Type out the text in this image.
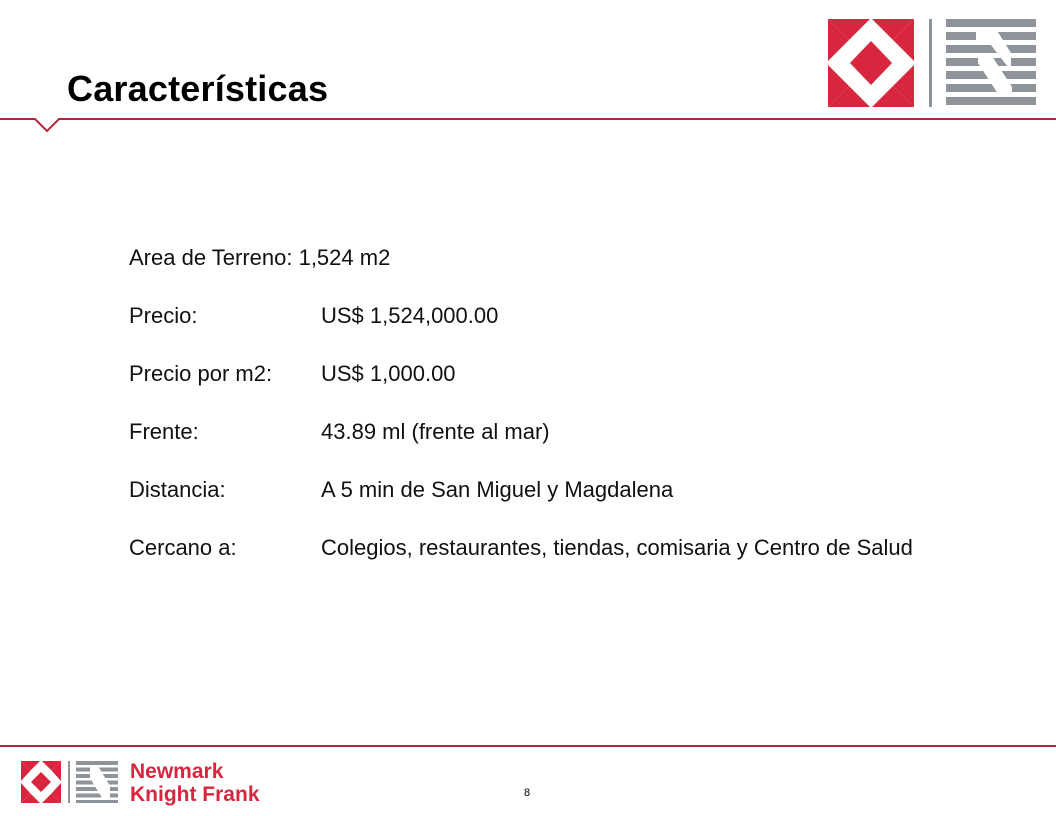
Características
Area de Terreno: 1,524 m2
Precio:	US$ 1,524,000.00
Precio por m2: US$ 1,000.00
Frente:	43.89 ml (frente al mar)
Distancia:	A 5 min de San Miguel y Magdalena
Cercano a:	Colegios, restaurantes, tiendas, comisaria y Centro de Salud
Newmark
Knight Frank	8
